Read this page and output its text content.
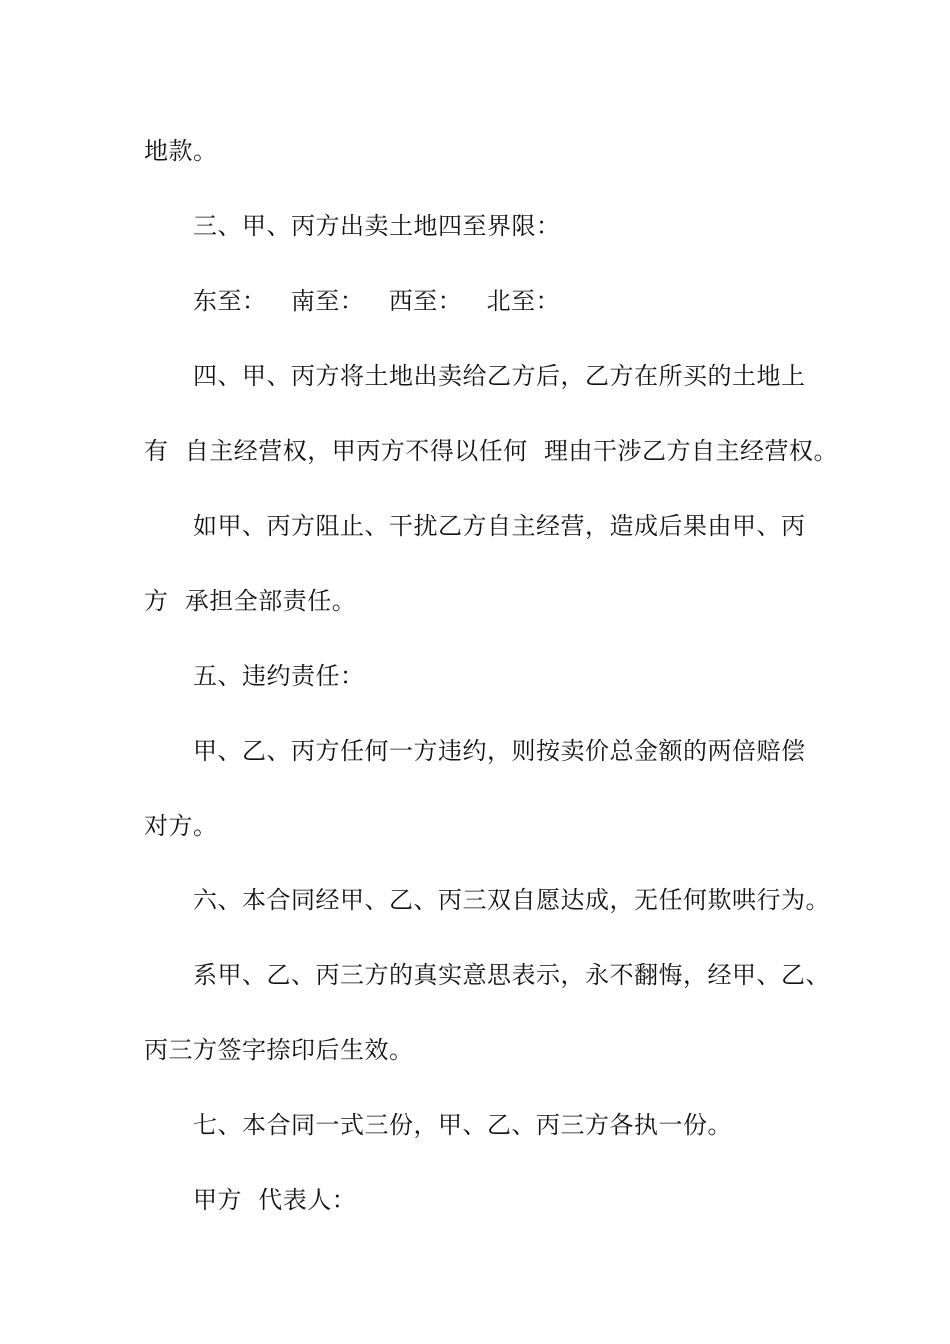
地款。
三、甲、丙方出卖土地四至界限：
东至：   南至：   西至：   北至：
四、甲、丙方将土地出卖给乙方后，乙方在所买的土地上
有  自主经营权，甲丙方不得以任何  理由干涉乙方自主经营权。
如甲、丙方阻止、干扰乙方自主经营，造成后果由甲、丙
方  承担全部责任。
五、违约责任：
甲、乙、丙方任何一方违约，则按卖价总金额的两倍赔偿
对方。
六、本合同经甲、乙、丙三双自愿达成，无任何欺哄行为。
系甲、乙、丙三方的真实意思表示，永不翻悔，经甲、乙、
丙三方签字捺印后生效。
七、本合同一式三份，甲、乙、丙三方各执一份。
甲方  代表人：
